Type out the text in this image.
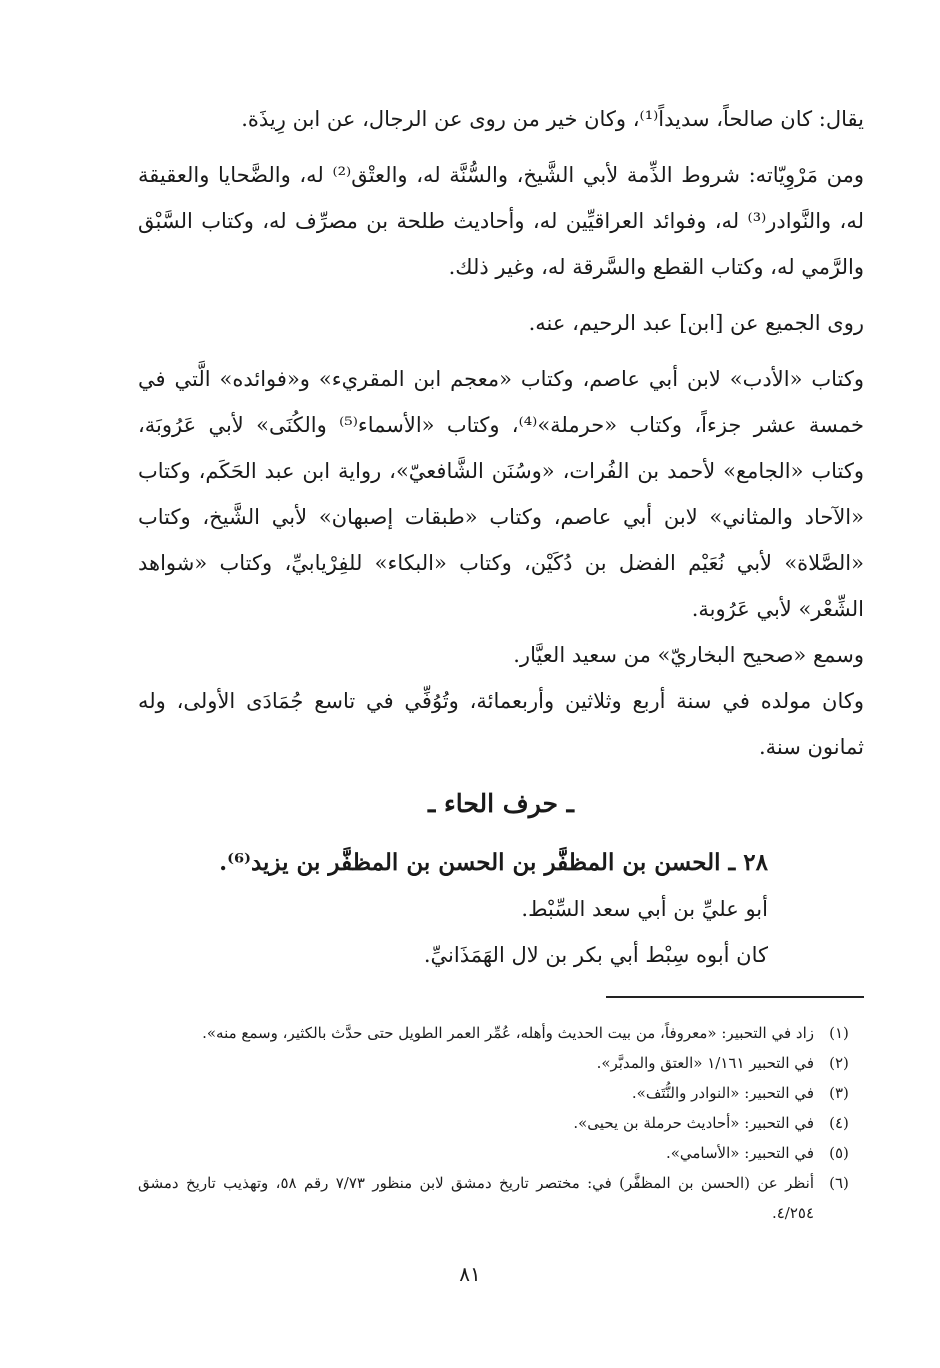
يقال: كان صالحاً، سديداً⁽¹⁾، وكان خير من روى عن الرجال، عن ابن رِيذَة.

ومن مَرْوِيّاته: شروط الذِّمة لأبي الشَّيخ، والسُّنَّة له، والعتْق⁽²⁾ له، والضَّحايا والعقيقة له، والنَّوادر⁽³⁾ له، وفوائد العراقيِّين له، وأحاديث طلحة بن مصرِّف له، وكتاب السَّبْق والرَّمي له، وكتاب القطع والسَّرقة له، وغير ذلك.

روى الجميع عن [ابن] عبد الرحيم، عنه.

وكتاب «الأدب» لابن أبي عاصم، وكتاب «معجم ابن المقريء» و«فوائده» الَّتي في خمسة عشر جزءاً، وكتاب «حرملة»⁽⁴⁾، وكتاب «الأسماء⁽⁵⁾ والكُنَى» لأبي عَرُوبَة، وكتاب «الجامع» لأحمد بن الفُرات، «وسُنَن الشَّافعيّ»، رواية ابن عبد الحَكَم، وكتاب «الآحاد والمثاني» لابن أبي عاصم، وكتاب «طبقات إصبهان» لأبي الشَّيخ، وكتاب «الصَّلاة» لأبي نُعَيْم الفضل بن دُكَيْن، وكتاب «البكاء» للفِرْيابيِّ، وكتاب «شواهد الشِّعْر» لأبي عَرُوبة.

وسمع «صحيح البخاريّ» من سعيد العيَّار.

وكان مولده في سنة أربع وثلاثين وأربعمائة، وتُوُفِّي في تاسع جُمَادَى الأولى، وله ثمانون سنة.

ـ حرف الحاء ـ
٢٨ ـ الحسن بن المظفَّر بن الحسن بن المظفَّر بن يزيد⁽⁶⁾.
أبو عليِّ بن أبي سعد السِّبْط.
كان أبوه سِبْط أبي بكر بن لال الهَمَذَانيِّ.
(١)
زاد في التحبير: «معروفاً، من بيت الحديث وأهله، عُمِّر العمر الطويل حتى حدَّث بالكثير، وسمع منه».
(٢)
في التحبير ١/١٦١ «العتق والمدبَّر».
(٣)
في التحبير: «النوادر والنُّتَف».
(٤)
في التحبير: «أحاديث حرملة بن يحيى».
(٥)
في التحبير: «الأسامي».
(٦)
أنظر عن (الحسن بن المظفَّر) في: مختصر تاريخ دمشق لابن منظور ٧/٧٣ رقم ٥٨، وتهذيب تاريخ دمشق ٤/٢٥٤.
٨١
